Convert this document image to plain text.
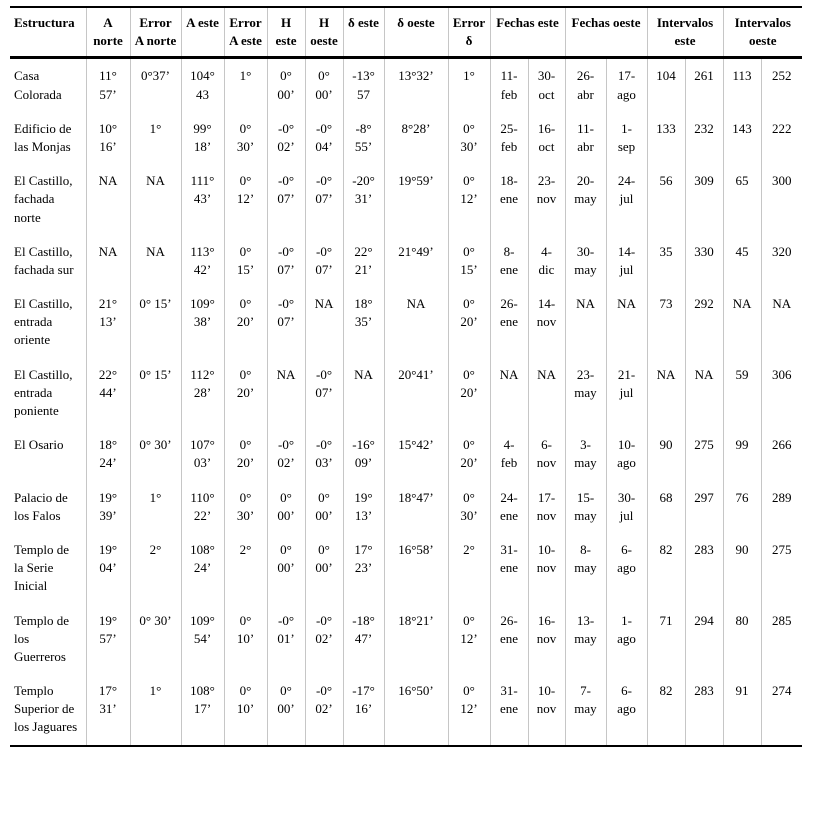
Estructura	A norte	Error A norte	A este	Error A este	H este	H oeste	δ este	δ oeste	Error δ	Fechas este		Fechas oeste		Intervalos este		Intervalos oeste	
Casa Colorada	11° 57’	0°37’	104° 43	1°	0° 00’	0° 00’	-13° 57	13°32’	1°	11-feb	30-oct	26-abr	17-ago	104	261	113	252
Edificio de las Monjas	10° 16’	1°	99° 18’	0° 30’	-0° 02’	-0° 04’	-8° 55’	8°28’	0° 30’	25-feb	16-oct	11-abr	1-sep	133	232	143	222
El Castillo, fachada norte	NA	NA	111° 43’	0° 12’	-0° 07’	-0° 07’	-20° 31’	19°59’	0° 12’	18-ene	23-nov	20-may	24-jul	56	309	65	300
El Castillo, fachada sur	NA	NA	113° 42’	0° 15’	-0° 07’	-0° 07’	22° 21’	21°49’	0° 15’	8-ene	4-dic	30-may	14-jul	35	330	45	320
El Castillo, entrada oriente	21° 13’	0° 15’	109° 38’	0° 20’	-0° 07’	NA	18° 35’	NA	0° 20’	26-ene	14-nov	NA	NA	73	292	NA	NA
El Castillo, entrada poniente	22° 44’	0° 15’	112° 28’	0° 20’	NA	-0° 07’	NA	20°41’	0° 20’	NA	NA	23-may	21-jul	NA	NA	59	306
El Osario	18° 24’	0° 30’	107° 03’	0° 20’	-0° 02’	-0° 03’	-16° 09’	15°42’	0° 20’	4-feb	6-nov	3-may	10-ago	90	275	99	266
Palacio de los Falos	19° 39’	1°	110° 22’	0° 30’	0° 00’	0° 00’	19° 13’	18°47’	0° 30’	24-ene	17-nov	15-may	30-jul	68	297	76	289
Templo de la Serie Inicial	19° 04’	2°	108° 24’	2°	0° 00’	0° 00’	17° 23’	16°58’	2°	31-ene	10-nov	8-may	6-ago	82	283	90	275
Templo de los Guerreros	19° 57’	0° 30’	109° 54’	0° 10’	-0° 01’	-0° 02’	-18° 47’	18°21’	0° 12’	26-ene	16-nov	13-may	1-ago	71	294	80	285
Templo Superior de los Jaguares	17° 31’	1°	108° 17’	0° 10’	0° 00’	-0° 02’	-17° 16’	16°50’	0° 12’	31-ene	10-nov	7-may	6-ago	82	283	91	274
